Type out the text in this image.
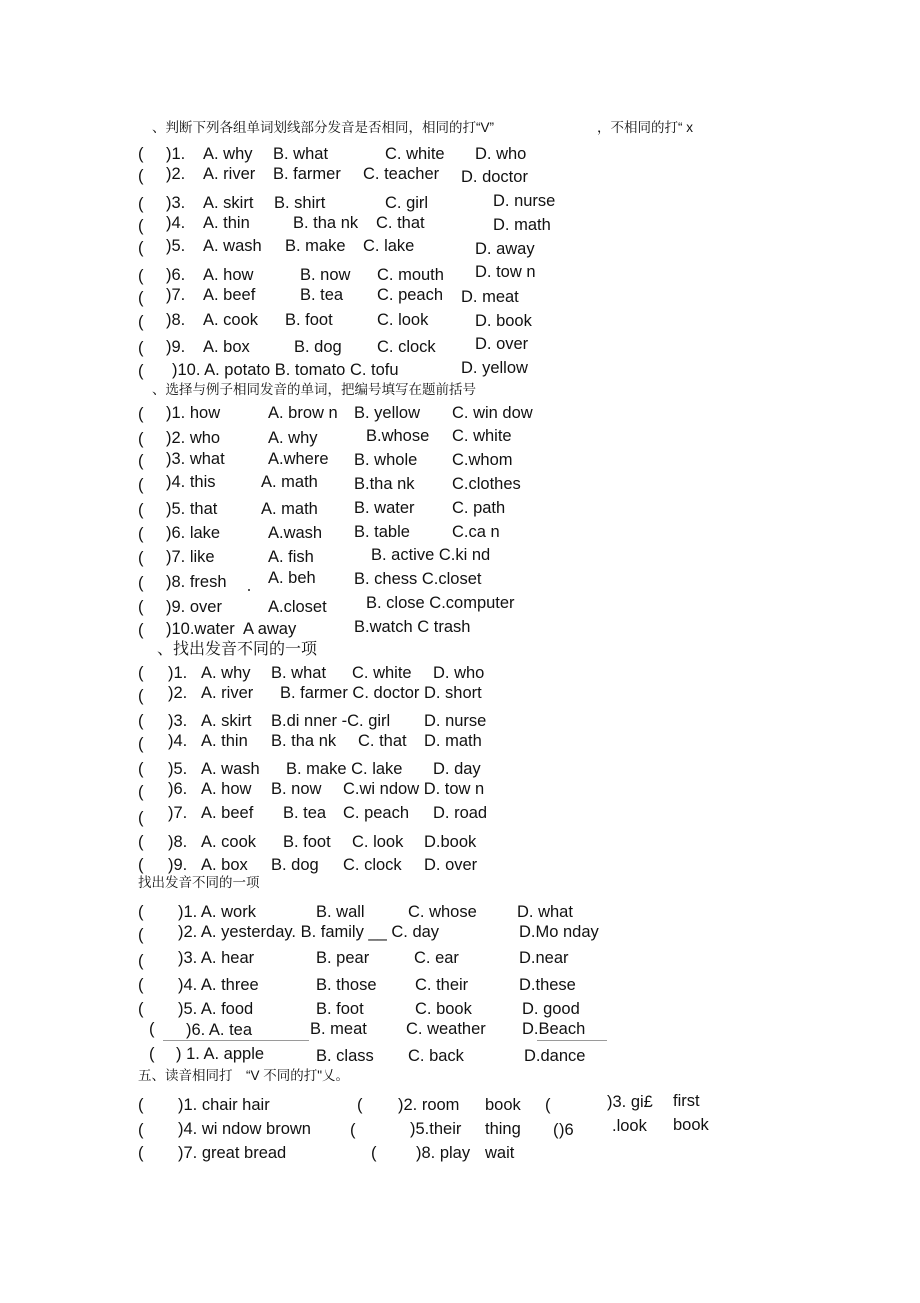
、判断下列各组单词划线部分发音是否相同，相同的打“V”	，不相同的打“ x
( )1. A. why B. what	C. white D. who
( )2. A. river B. farmer C. teacher D. doctor
( )3. A. skirt B. shirt	C. girl	D. nurse
( )4. A. thin	B. tha nk C. that	D. math
( )5. A. wash B. make C. lake	D. away
( )6. A. how	B. now C. mouth D. tow n
( )7. A. beef	B. tea C. peach D. meat
( )8. A. cook B. foot	C. look	D. book
( )9. A. box	B. dog C. clock D. over
( )10. A. potato B. tomato C. tofu	D. yellow
、选择与例子相同发音的单词，把编号填写在题前括号
( )1. how	A. brow n B. yellow C. win dow
( )2. who	A. why	B.whose C. white
( )3. what	A.where B. whole C.whom
( )4. this	A. math B.tha nk C.clothes
( )5. that	A. math B. water C. path
( )6. lake	A.wash B. table	C.ca n
( )7. like	A. fish	B. active C.ki nd
( )8. fresh	A. beh B. chess C.closet
( )9. over	A.closet B. close C.computer
( )10.water  A away	B.watch C trash
、找出发音不同的一项
( )1. A. why B. what C. white D. who
( )2. A. river B. farmer C. doctor D. short
( )3. A. skirt B.di nner -C. girl D. nurse
( )4. A. thin B. tha nk C. that D. math
( )5. A. wash B. make C. lake D. day
( )6. A. how B. now C.wi ndow D. tow n
( )7. A. beef B. tea C. peach D. road
( )8. A. cook B. foot C. look D.book
( )9. A. box B. dog C. clock D. over
找出发音不同的一项
( )1. A. work	B. wall	C. whose D. what
( )2. A. yesterday. B. family __ C. day	D.Mo nday
( )3. A. hear	B. pear	C. ear	D.near
( )4. A. three	B. those C. their	D.these
( )5. A. food	B. foot	C. book	D. good
( )6. A. tea	B. meat C. weather D.Beach
( ) 1. A. apple	B. class C. back	D.dance
五、读音相同打　“V 不同的打"乂。
( )1. chair hair	( )2. room book (	)3. gi£ first
( )4. wi ndow brown (	)5.their thing ( )6 .look book
( )7. great bread	( )8. play wait
